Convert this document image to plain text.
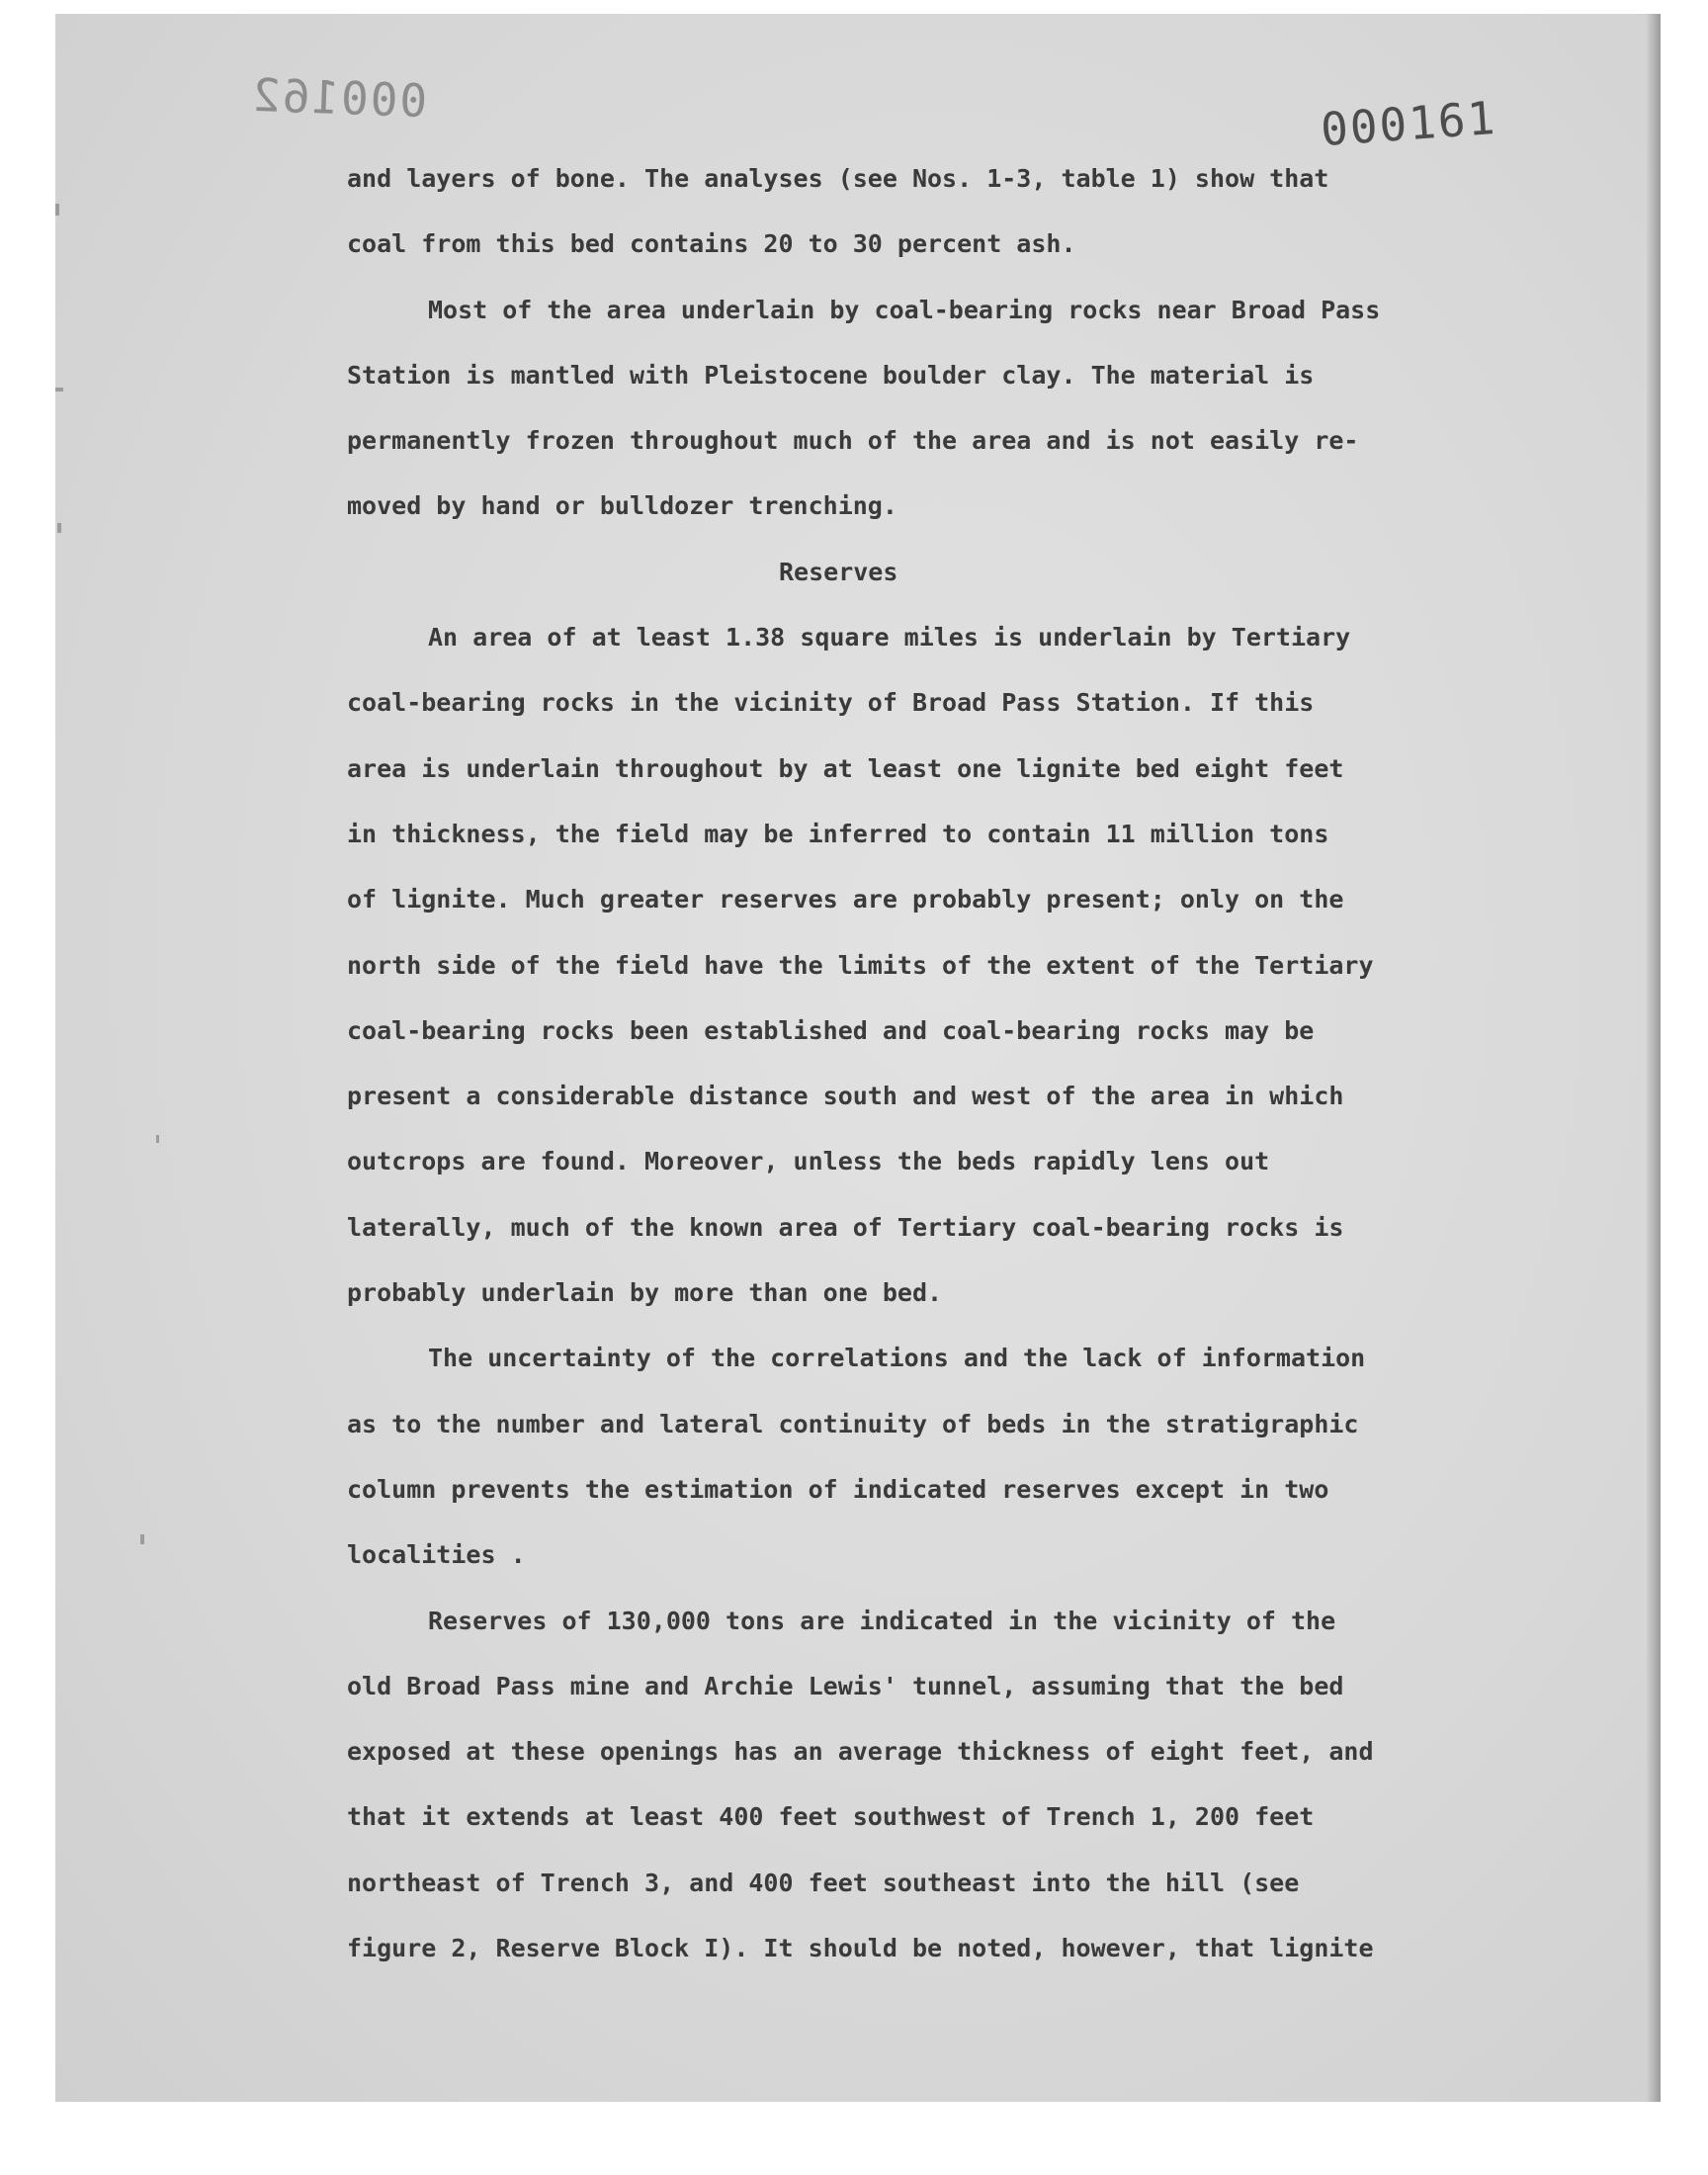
000162	000161
and layers of bone. The analyses (see Nos. 1-3, table 1) show that
coal from this bed contains 20 to 30 percent ash.
Most of the area underlain by coal-bearing rocks near Broad Pass
Station is mantled with Pleistocene boulder clay. The material is
permanently frozen throughout much of the area and is not easily re-
moved by hand or bulldozer trenching.
Reserves
An area of at least 1.38 square miles is underlain by Tertiary
coal-bearing rocks in the vicinity of Broad Pass Station. If this
area is underlain throughout by at least one lignite bed eight feet
in thickness, the field may be inferred to contain 11 million tons
of lignite. Much greater reserves are probably present; only on the
north side of the field have the limits of the extent of the Tertiary
coal-bearing rocks been established and coal-bearing rocks may be
present a considerable distance south and west of the area in which
outcrops are found. Moreover, unless the beds rapidly lens out
laterally, much of the known area of Tertiary coal-bearing rocks is
probably underlain by more than one bed.
The uncertainty of the correlations and the lack of information
as to the number and lateral continuity of beds in the stratigraphic
column prevents the estimation of indicated reserves except in two
localities .
Reserves of 130,000 tons are indicated in the vicinity of the
old Broad Pass mine and Archie Lewis' tunnel, assuming that the bed
exposed at these openings has an average thickness of eight feet, and
that it extends at least 400 feet southwest of Trench 1, 200 feet
northeast of Trench 3, and 400 feet southeast into the hill (see
figure 2, Reserve Block I). It should be noted, however, that lignite
